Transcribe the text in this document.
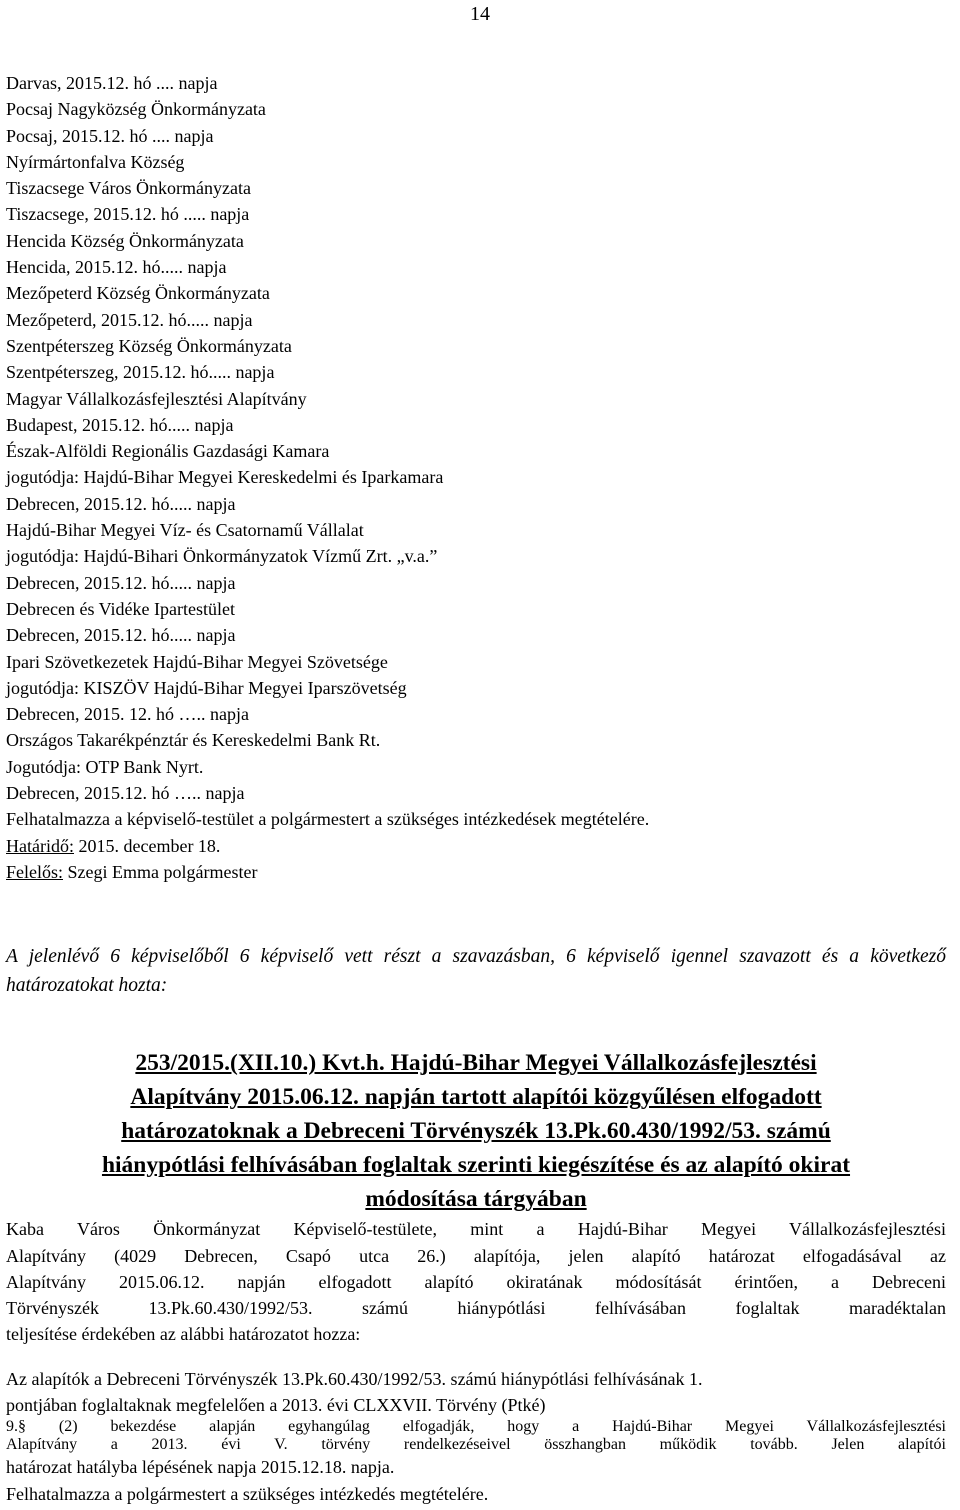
14
Darvas, 2015.12. hó .... napja
Pocsaj Nagyközség Önkormányzata
Pocsaj, 2015.12. hó .... napja
Nyírmártonfalva Község
Tiszacsege Város Önkormányzata
Tiszacsege, 2015.12. hó ..... napja
Hencida Község Önkormányzata
Hencida, 2015.12. hó..... napja
Mezőpeterd Község Önkormányzata
Mezőpeterd, 2015.12. hó..... napja
Szentpéterszeg Község Önkormányzata
Szentpéterszeg, 2015.12. hó..... napja
Magyar Vállalkozásfejlesztési Alapítvány
Budapest, 2015.12. hó..... napja
Észak-Alföldi Regionális Gazdasági Kamara
jogutódja: Hajdú-Bihar Megyei Kereskedelmi és Iparkamara
Debrecen, 2015.12. hó..... napja
Hajdú-Bihar Megyei Víz- és Csatornamű Vállalat
jogutódja: Hajdú-Bihari Önkormányzatok Vízmű Zrt. „v.a.”
Debrecen, 2015.12. hó..... napja
Debrecen és Vidéke Ipartestület
Debrecen, 2015.12. hó..... napja
Ipari Szövetkezetek Hajdú-Bihar Megyei Szövetsége
jogutódja: KISZÖV Hajdú-Bihar Megyei Iparszövetség
Debrecen, 2015. 12. hó ….. napja
Országos Takarékpénztár és Kereskedelmi Bank Rt.
Jogutódja: OTP Bank Nyrt.
Debrecen, 2015.12. hó ….. napja
Felhatalmazza a képviselő-testület a polgármestert a szükséges intézkedések megtételére.
Határidő: 2015. december 18.
Felelős: Szegi Emma polgármester
A jelenlévő 6 képviselőből 6 képviselő vett részt a szavazásban, 6 képviselő igennel szavazott és a következő határozatokat hozta:
253/2015.(XII.10.) Kvt.h. Hajdú-Bihar Megyei Vállalkozásfejlesztési
Alapítvány 2015.06.12. napján tartott alapítói közgyűlésen elfogadott
határozatoknak a Debreceni Törvényszék 13.Pk.60.430/1992/53. számú
hiánypótlási felhívásában foglaltak szerinti kiegészítése és az alapító okirat
módosítása tárgyában
Kaba Város Önkormányzat Képviselő-testülete, mint a Hajdú-Bihar Megyei Vállalkozásfejlesztési
Alapítvány (4029 Debrecen, Csapó utca 26.) alapítója, jelen alapító határozat elfogadásával az
Alapítvány 2015.06.12. napján elfogadott alapító okiratának módosítását érintően, a Debreceni
Törvényszék 13.Pk.60.430/1992/53. számú hiánypótlási felhívásában foglaltak maradéktalan
teljesítése érdekében az alábbi határozatot hozza:
Az alapítók a Debreceni Törvényszék 13.Pk.60.430/1992/53. számú hiánypótlási felhívásának 1.
pontjában foglaltaknak megfelelően a 2013. évi CLXXVII. Törvény (Ptké)
9.§ (2) bekezdése alapján egyhangúlag elfogadják, hogy a Hajdú-Bihar Megyei Vállalkozásfejlesztési
Alapítvány a 2013. évi V. törvény rendelkezéseivel összhangban működik tovább. Jelen alapítói
határozat hatályba lépésének napja 2015.12.18. napja.
Felhatalmazza a polgármestert a szükséges intézkedés megtételére.
